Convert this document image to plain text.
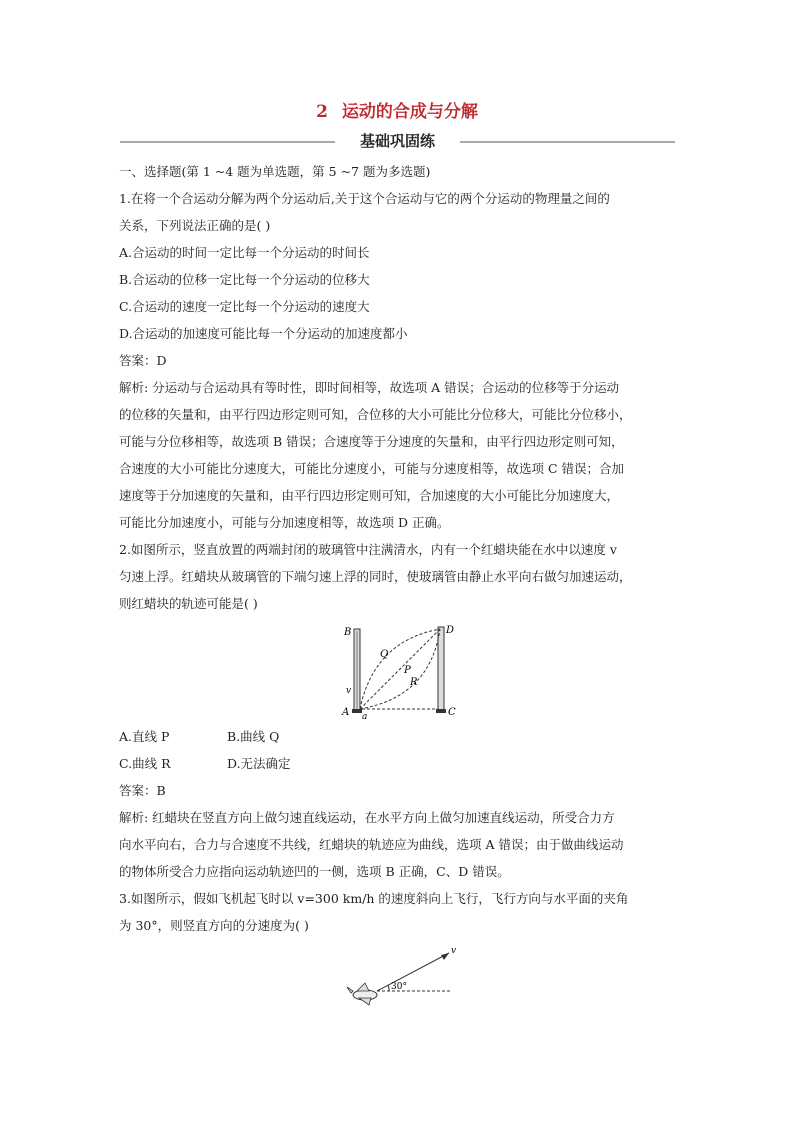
2 运动的合成与分解
基础巩固练

一、选择题(第 1 ~4 题为单选题，第 5 ~7 题为多选题)

1.在将一个合运动分解为两个分运动后,关于这个合运动与它的两个分运动的物理量之间的

关系，下列说法正确的是( )

A.合运动的时间一定比每一个分运动的时间长

B.合运动的位移一定比每一个分运动的位移大

C.合运动的速度一定比每一个分运动的速度大

D.合运动的加速度可能比每一个分运动的加速度都小

答案：D

解析: 分运动与合运动具有等时性，即时间相等，故选项 A 错误；合运动的位移等于分运动

的位移的矢量和，由平行四边形定则可知，合位移的大小可能比分位移大，可能比分位移小，

可能与分位移相等，故选项 B 错误；合速度等于分速度的矢量和，由平行四边形定则可知，

合速度的大小可能比分速度大，可能比分速度小，可能与分速度相等，故选项 C 错误；合加

速度等于分加速度的矢量和，由平行四边形定则可知，合加速度的大小可能比分加速度大，

可能比分加速度小，可能与分加速度相等，故选项 D 正确。

2.如图所示，竖直放置的两端封闭的玻璃管中注满清水，内有一个红蜡块能在水中以速度 v

匀速上浮。红蜡块从玻璃管的下端匀速上浮的同时，使玻璃管由静止水平向右做匀加速运动，

则红蜡块的轨迹可能是( )

B	D
A	C
Q
P
R
v
a
A.直线 P	B.曲线 Q
C.曲线 R	D.无法确定

答案：B

解析: 红蜡块在竖直方向上做匀速直线运动，在水平方向上做匀加速直线运动，所受合力方

向水平向右，合力与合速度不共线，红蜡块的轨迹应为曲线，选项 A 错误；由于做曲线运动

的物体所受合力应指向运动轨迹凹的一侧，选项 B 正确，C、D 错误。

3.如图所示，假如飞机起飞时以 v=300 km/h 的速度斜向上飞行，飞行方向与水平面的夹角

为 30°，则竖直方向的分速度为( )

30°
v
